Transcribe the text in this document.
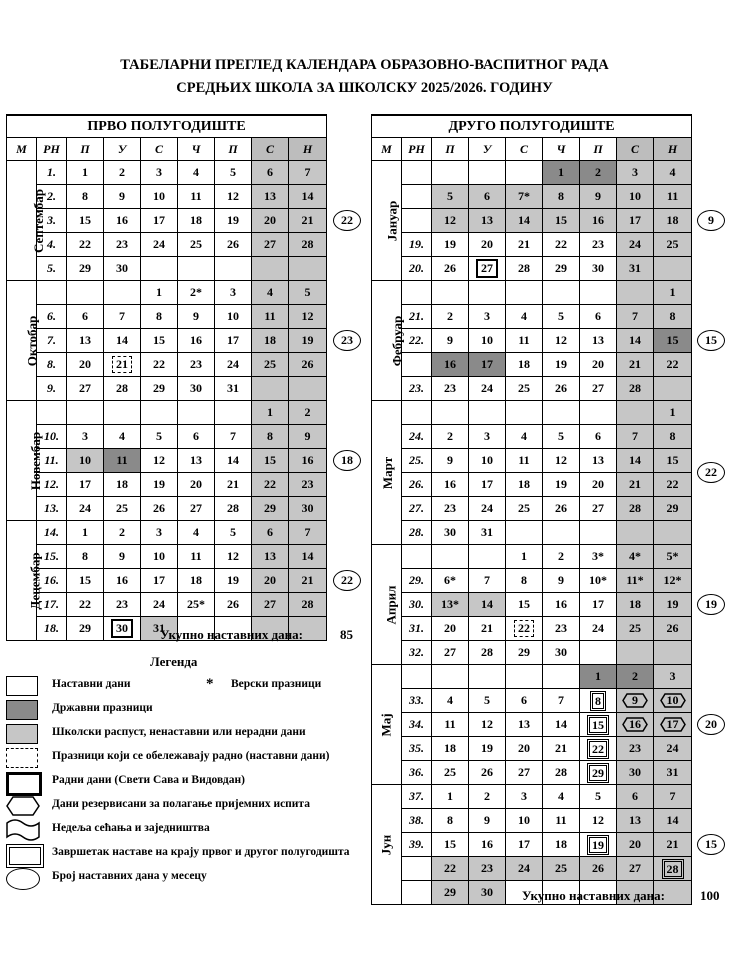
ТАБЕЛАРНИ ПРЕГЛЕД КАЛЕНДАРА ОБРАЗОВНО-ВАСПИТНОГ РАДА
СРЕДЊИХ ШКОЛА ЗА ШКОЛСКУ 2025/2026. ГОДИНУ
ПРВО ПОЛУГОДИШТЕ								
М	РН	П	У	С	Ч	П	С	Н
Септембар	1.	1	2	3	4	5	6	7
	2.	8	9	10	11	12	13	14
	3.	15	16	17	18	19	20	21
	4.	22	23	24	25	26	27	28
	5.	29	30					
Октобар				1	2*	3	4	5
	6.	6	7	8	9	10	11	12
	7.	13	14	15	16	17	18	19
	8.	20	21	22	23	24	25	26
	9.	27	28	29	30	31		
Новембар							1	2
	10.	3	4	5	6	7	8	9
	11.	10	11	12	13	14	15	16
	12.	17	18	19	20	21	22	23
	13.	24	25	26	27	28	29	30
Децембар	14.	1	2	3	4	5	6	7
	15.	8	9	10	11	12	13	14
	16.	15	16	17	18	19	20	21
	17.	22	23	24	25*	26	27	28
	18.	29	30	31				
ДРУГО ПОЛУГОДИШТЕ								
М	РН	П	У	С	Ч	П	С	Н
Јануар					1	2	3	4
		5	6	7*	8	9	10	11
		12	13	14	15	16	17	18
	19.	19	20	21	22	23	24	25
	20.	26	27	28	29	30	31	
Фебруар								1
	21.	2	3	4	5	6	7	8
	22.	9	10	11	12	13	14	15
		16	17	18	19	20	21	22
	23.	23	24	25	26	27	28	
Март								1
	24.	2	3	4	5	6	7	8
	25.	9	10	11	12	13	14	15
	26.	16	17	18	19	20	21	22
	27.	23	24	25	26	27	28	29
	28.	30	31					
Април				1	2	3*	4*	5*
	29.	6*	7	8	9	10*	11*	12*
	30.	13*	14	15	16	17	18	19
	31.	20	21	22	23	24	25	26
	32.	27	28	29	30			
Мај						1	2	3
	33.	4	5	6	7	8	9	10
	34.	11	12	13	14	15	16	17
	35.	18	19	20	21	22	23	24
	36.	25	26	27	28	29	30	31
Јун	37.	1	2	3	4	5	6	7
	38.	8	9	10	11	12	13	14
	39.	15	16	17	18	19	20	21
		22	23	24	25	26	27	28
		29	30					
22
23
18
22
9
15
22
19
20
15
Укупно наставних дана:	85
Укупно наставних дана:	100
Легенда
Наставни дани	* Верски празници
Државни празници
Школски распуст, ненаставни или нерадни дани
Празници који се обележавају радно (наставни дани)
Радни дани (Свети Сава и Видовдан)
Дани резервисани за полагање пријемних испита
Недеља сећања и заједништва
Завршетак наставе на крају првог и другог полугодишта
Број наставних дана у месецу
